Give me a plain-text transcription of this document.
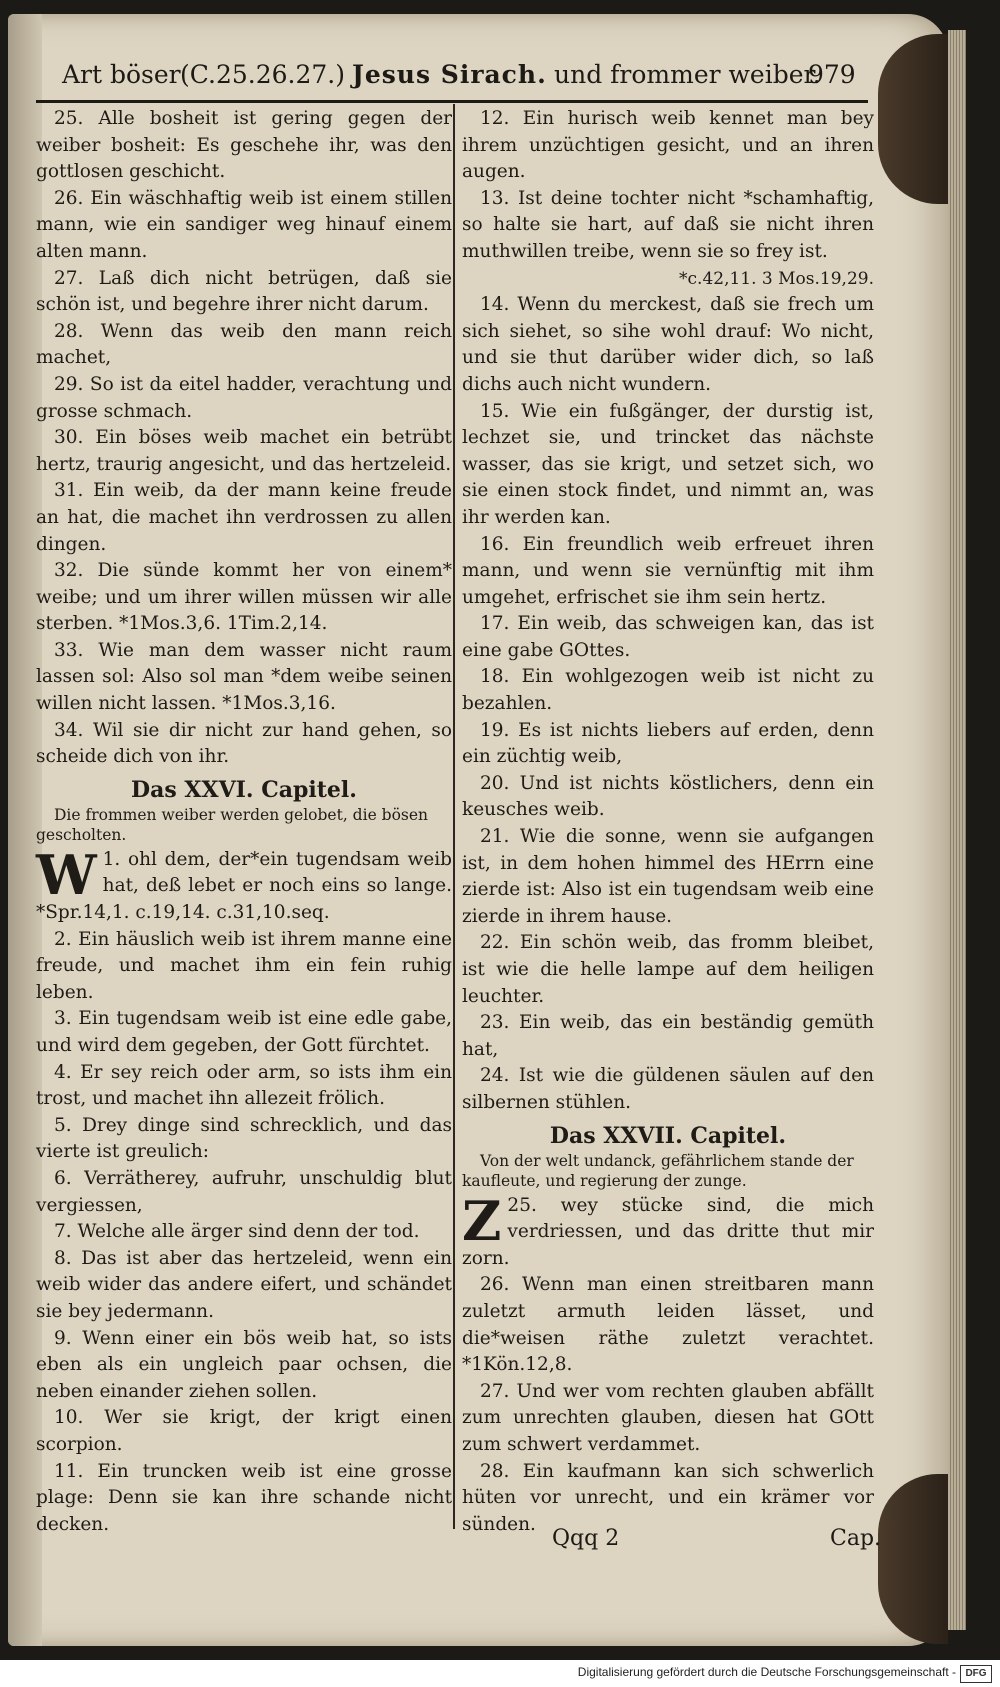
Art böser (C.25.26.27.) Jesus Sirach. und frommer weiber.
979

25. Alle bosheit ist gering gegen der weiber bosheit: Es geschehe ihr, was den gottlosen geschicht.

26. Ein wäschhaftig weib ist einem stillen mann, wie ein sandiger weg hinauf einem alten mann.

27. Laß dich nicht betrügen, daß sie schön ist, und begehre ihrer nicht darum.

28. Wenn das weib den mann reich machet,

29. So ist da eitel hadder, verachtung und grosse schmach.

30. Ein böses weib machet ein betrübt hertz, traurig angesicht, und das hertzeleid.

31. Ein weib, da der mann keine freude an hat, die machet ihn verdrossen zu allen dingen.

32. Die sünde kommt her von einem* weibe; und um ihrer willen müssen wir alle sterben. *1Mos.3,6. 1Tim.2,14.

33. Wie man dem wasser nicht raum lassen sol: Also sol man *dem weibe seinen willen nicht lassen. *1Mos.3,16.

34. Wil sie dir nicht zur hand gehen, so scheide dich von ihr.

Das XXVI. Capitel.

Die frommen weiber werden gelobet, die bösen gescholten.

1.
W ohl dem, der*ein tugendsam weib hat, deß lebet er noch eins so lange. *Spr.14,1. c.19,14. c.31,10.seq.

2. Ein häuslich weib ist ihrem manne eine freude, und machet ihm ein fein ruhig leben.

3. Ein tugendsam weib ist eine edle gabe, und wird dem gegeben, der Gott fürchtet.

4. Er sey reich oder arm, so ists ihm ein trost, und machet ihn allezeit frölich.

5. Drey dinge sind schrecklich, und das vierte ist greulich:

6. Verrätherey, aufruhr, unschuldig blut vergiessen,

7. Welche alle ärger sind denn der tod.

8. Das ist aber das hertzeleid, wenn ein weib wider das andere eifert, und schändet sie bey jedermann.

9. Wenn einer ein bös weib hat, so ists eben als ein ungleich paar ochsen, die neben einander ziehen sollen.

10. Wer sie krigt, der krigt einen scorpion.

11. Ein truncken weib ist eine grosse plage: Denn sie kan ihre schande nicht decken.

12. Ein hurisch weib kennet man bey ihrem unzüchtigen gesicht, und an ihren augen.

13. Ist deine tochter nicht *schamhaftig, so halte sie hart, auf daß sie nicht ihren muthwillen treibe, wenn sie so frey ist.

*c.42,11. 3 Mos.19,29.

14. Wenn du merckest, daß sie frech um sich siehet, so sihe wohl drauf: Wo nicht, und sie thut darüber wider dich, so laß dichs auch nicht wundern.

15. Wie ein fußgänger, der durstig ist, lechzet sie, und trincket das nächste wasser, das sie krigt, und setzet sich, wo sie einen stock findet, und nimmt an, was ihr werden kan.

16. Ein freundlich weib erfreuet ihren mann, und wenn sie vernünftig mit ihm umgehet, erfrischet sie ihm sein hertz.

17. Ein weib, das schweigen kan, das ist eine gabe GOttes.

18. Ein wohlgezogen weib ist nicht zu bezahlen.

19. Es ist nichts liebers auf erden, denn ein züchtig weib,

20. Und ist nichts köstlichers, denn ein keusches weib.

21. Wie die sonne, wenn sie aufgangen ist, in dem hohen himmel des HErrn eine zierde ist: Also ist ein tugendsam weib eine zierde in ihrem hause.

22. Ein schön weib, das fromm bleibet, ist wie die helle lampe auf dem heiligen leuchter.

23. Ein weib, das ein beständig gemüth hat,

24. Ist wie die güldenen säulen auf den silbernen stühlen.

Das XXVII. Capitel.

Von der welt undanck, gefährlichem stande der kaufleute, und regierung der zunge.

25.
Z	wey stücke sind, die mich verdriessen, und das dritte thut mir zorn.

26. Wenn man einen streitbaren mann zuletzt armuth leiden lässet, und die*weisen räthe zuletzt verachtet. *1Kön.12,8.

27. Und wer vom rechten glauben abfällt zum unrechten glauben, diesen hat GOtt zum schwert verdammet.

28. Ein kaufmann kan sich schwerlich hüten vor unrecht, und ein krämer vor sünden.

Qqq 2	Cap.
Digitalisierung gefördert durch die Deutsche Forschungsgemeinschaft - DFG
